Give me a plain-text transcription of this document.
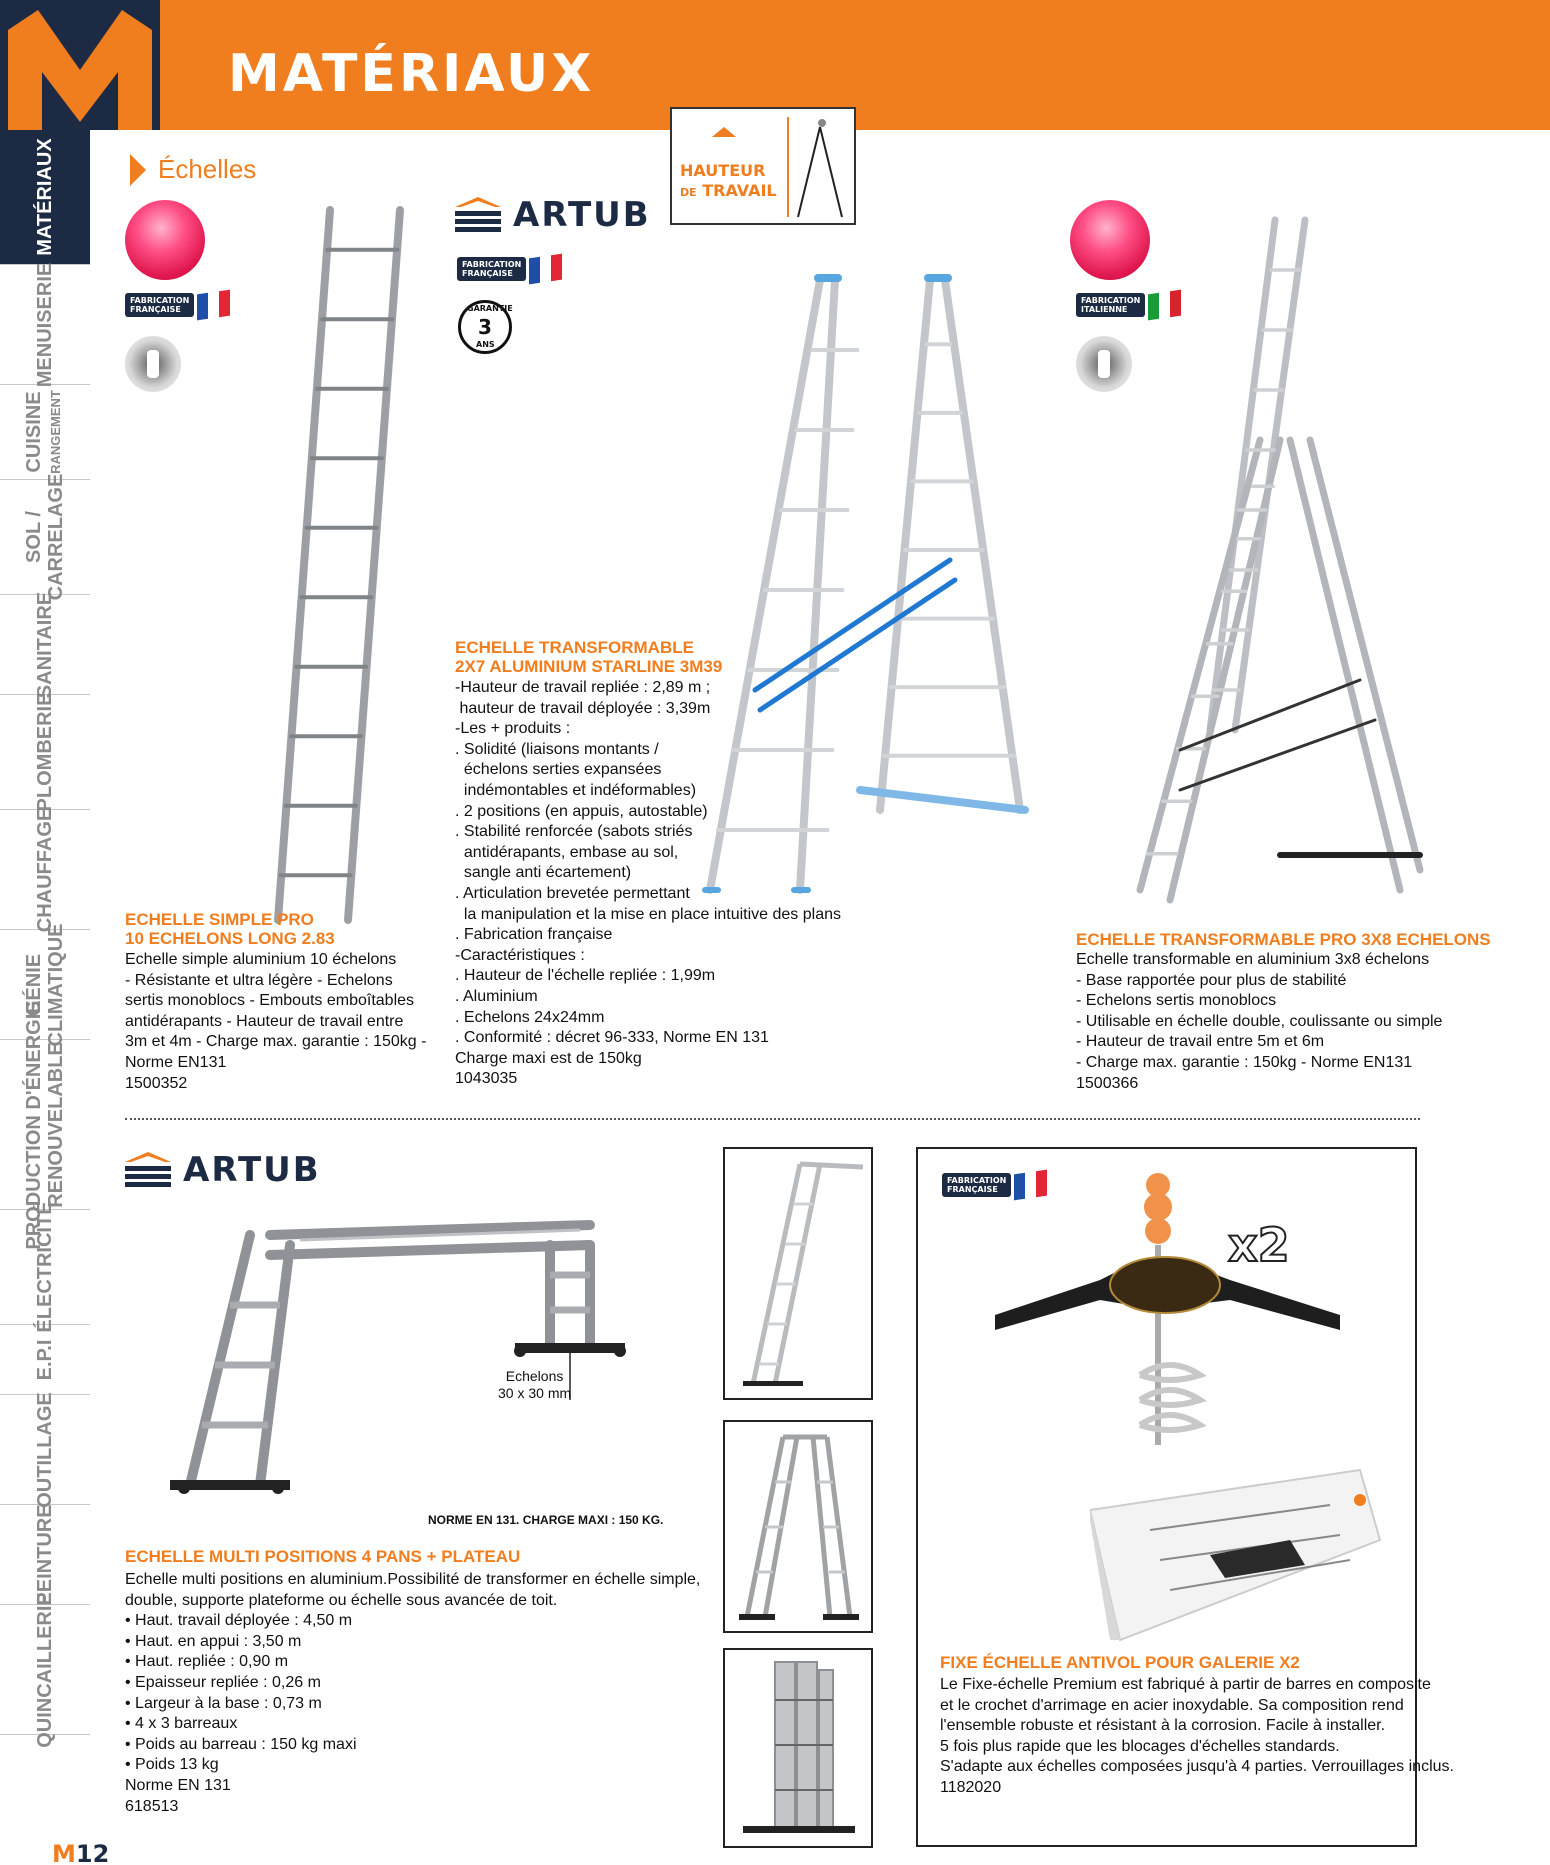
MATÉRIAUX
MATÉRIAUX
MENUISERIE
CUISINE RANGEMENT
SOL / CARRELAGE
SANITAIRE
PLOMBERIE
CHAUFFAGE
GÉNIE CLIMATIQUE
PRODUCTION D'ÉNERGIE RENOUVELABLE
ÉLECTRICITÉ
E.P.I
OUTILLAGE
PEINTURE
QUINCAILLERIE
Échelles	HAUTEUR
DE TRAVAIL
FABRICATION
FRANÇAISE
ECHELLE SIMPLE PRO
10 ECHELONS LONG 2.83
Echelle simple aluminium 10 échelons
- Résistante et ultra légère - Echelons
sertis monoblocs - Embouts emboîtables
antidérapants - Hauteur de travail entre
3m et 4m - Charge max. garantie : 150kg -
Norme EN131
1500352
ARTUB
FABRICATION
FRANÇAISE
GARANTIE
3
ANS
ECHELLE TRANSFORMABLE
2X7 ALUMINIUM STARLINE 3M39
-Hauteur de travail repliée : 2,89 m ;
hauteur de travail déployée : 3,39m
-Les + produits :
. Solidité (liaisons montants /
échelons serties expansées
indémontables et indéformables)
. 2 positions (en appuis, autostable)
. Stabilité renforcée (sabots striés
antidérapants, embase au sol,
sangle anti écartement)
. Articulation brevetée permettant
la manipulation et la mise en place intuitive des plans
. Fabrication française
-Caractéristiques :
. Hauteur de l'échelle repliée : 1,99m
. Aluminium
. Echelons 24x24mm
. Conformité : décret 96-333, Norme EN 131
Charge maxi est de 150kg
1043035
FABRICATION
ITALIENNE
ECHELLE TRANSFORMABLE PRO 3X8 ECHELONS
Echelle transformable en aluminium 3x8 échelons
- Base rapportée pour plus de stabilité
- Echelons sertis monoblocs
- Utilisable en échelle double, coulissante ou simple
- Hauteur de travail entre 5m et 6m
- Charge max. garantie : 150kg - Norme EN131
1500366
ARTUB
Echelons
30 x 30 mm
NORME EN 131. CHARGE MAXI : 150 KG.
ECHELLE MULTI POSITIONS 4 PANS + PLATEAU
Echelle multi positions en aluminium.Possibilité de transformer en échelle simple,
double, supporte plateforme ou échelle sous avancée de toit.
• Haut. travail déployée : 4,50 m
• Haut. en appui : 3,50 m
• Haut. repliée : 0,90 m
• Epaisseur repliée : 0,26 m
• Largeur à la base : 0,73 m
• 4 x 3 barreaux
• Poids au barreau : 150 kg maxi
• Poids 13 kg
Norme EN 131
618513
FABRICATION
FRANÇAISE
x2
FIXE ÉCHELLE ANTIVOL POUR GALERIE X2
Le Fixe-échelle Premium est fabriqué à partir de barres en composite
et le crochet d'arrimage en acier inoxydable. Sa composition rend
l'ensemble robuste et résistant à la corrosion. Facile à installer.
5 fois plus rapide que les blocages d'échelles standards.
S'adapte aux échelles composées jusqu'à 4 parties. Verrouillages inclus.
1182020
M12
